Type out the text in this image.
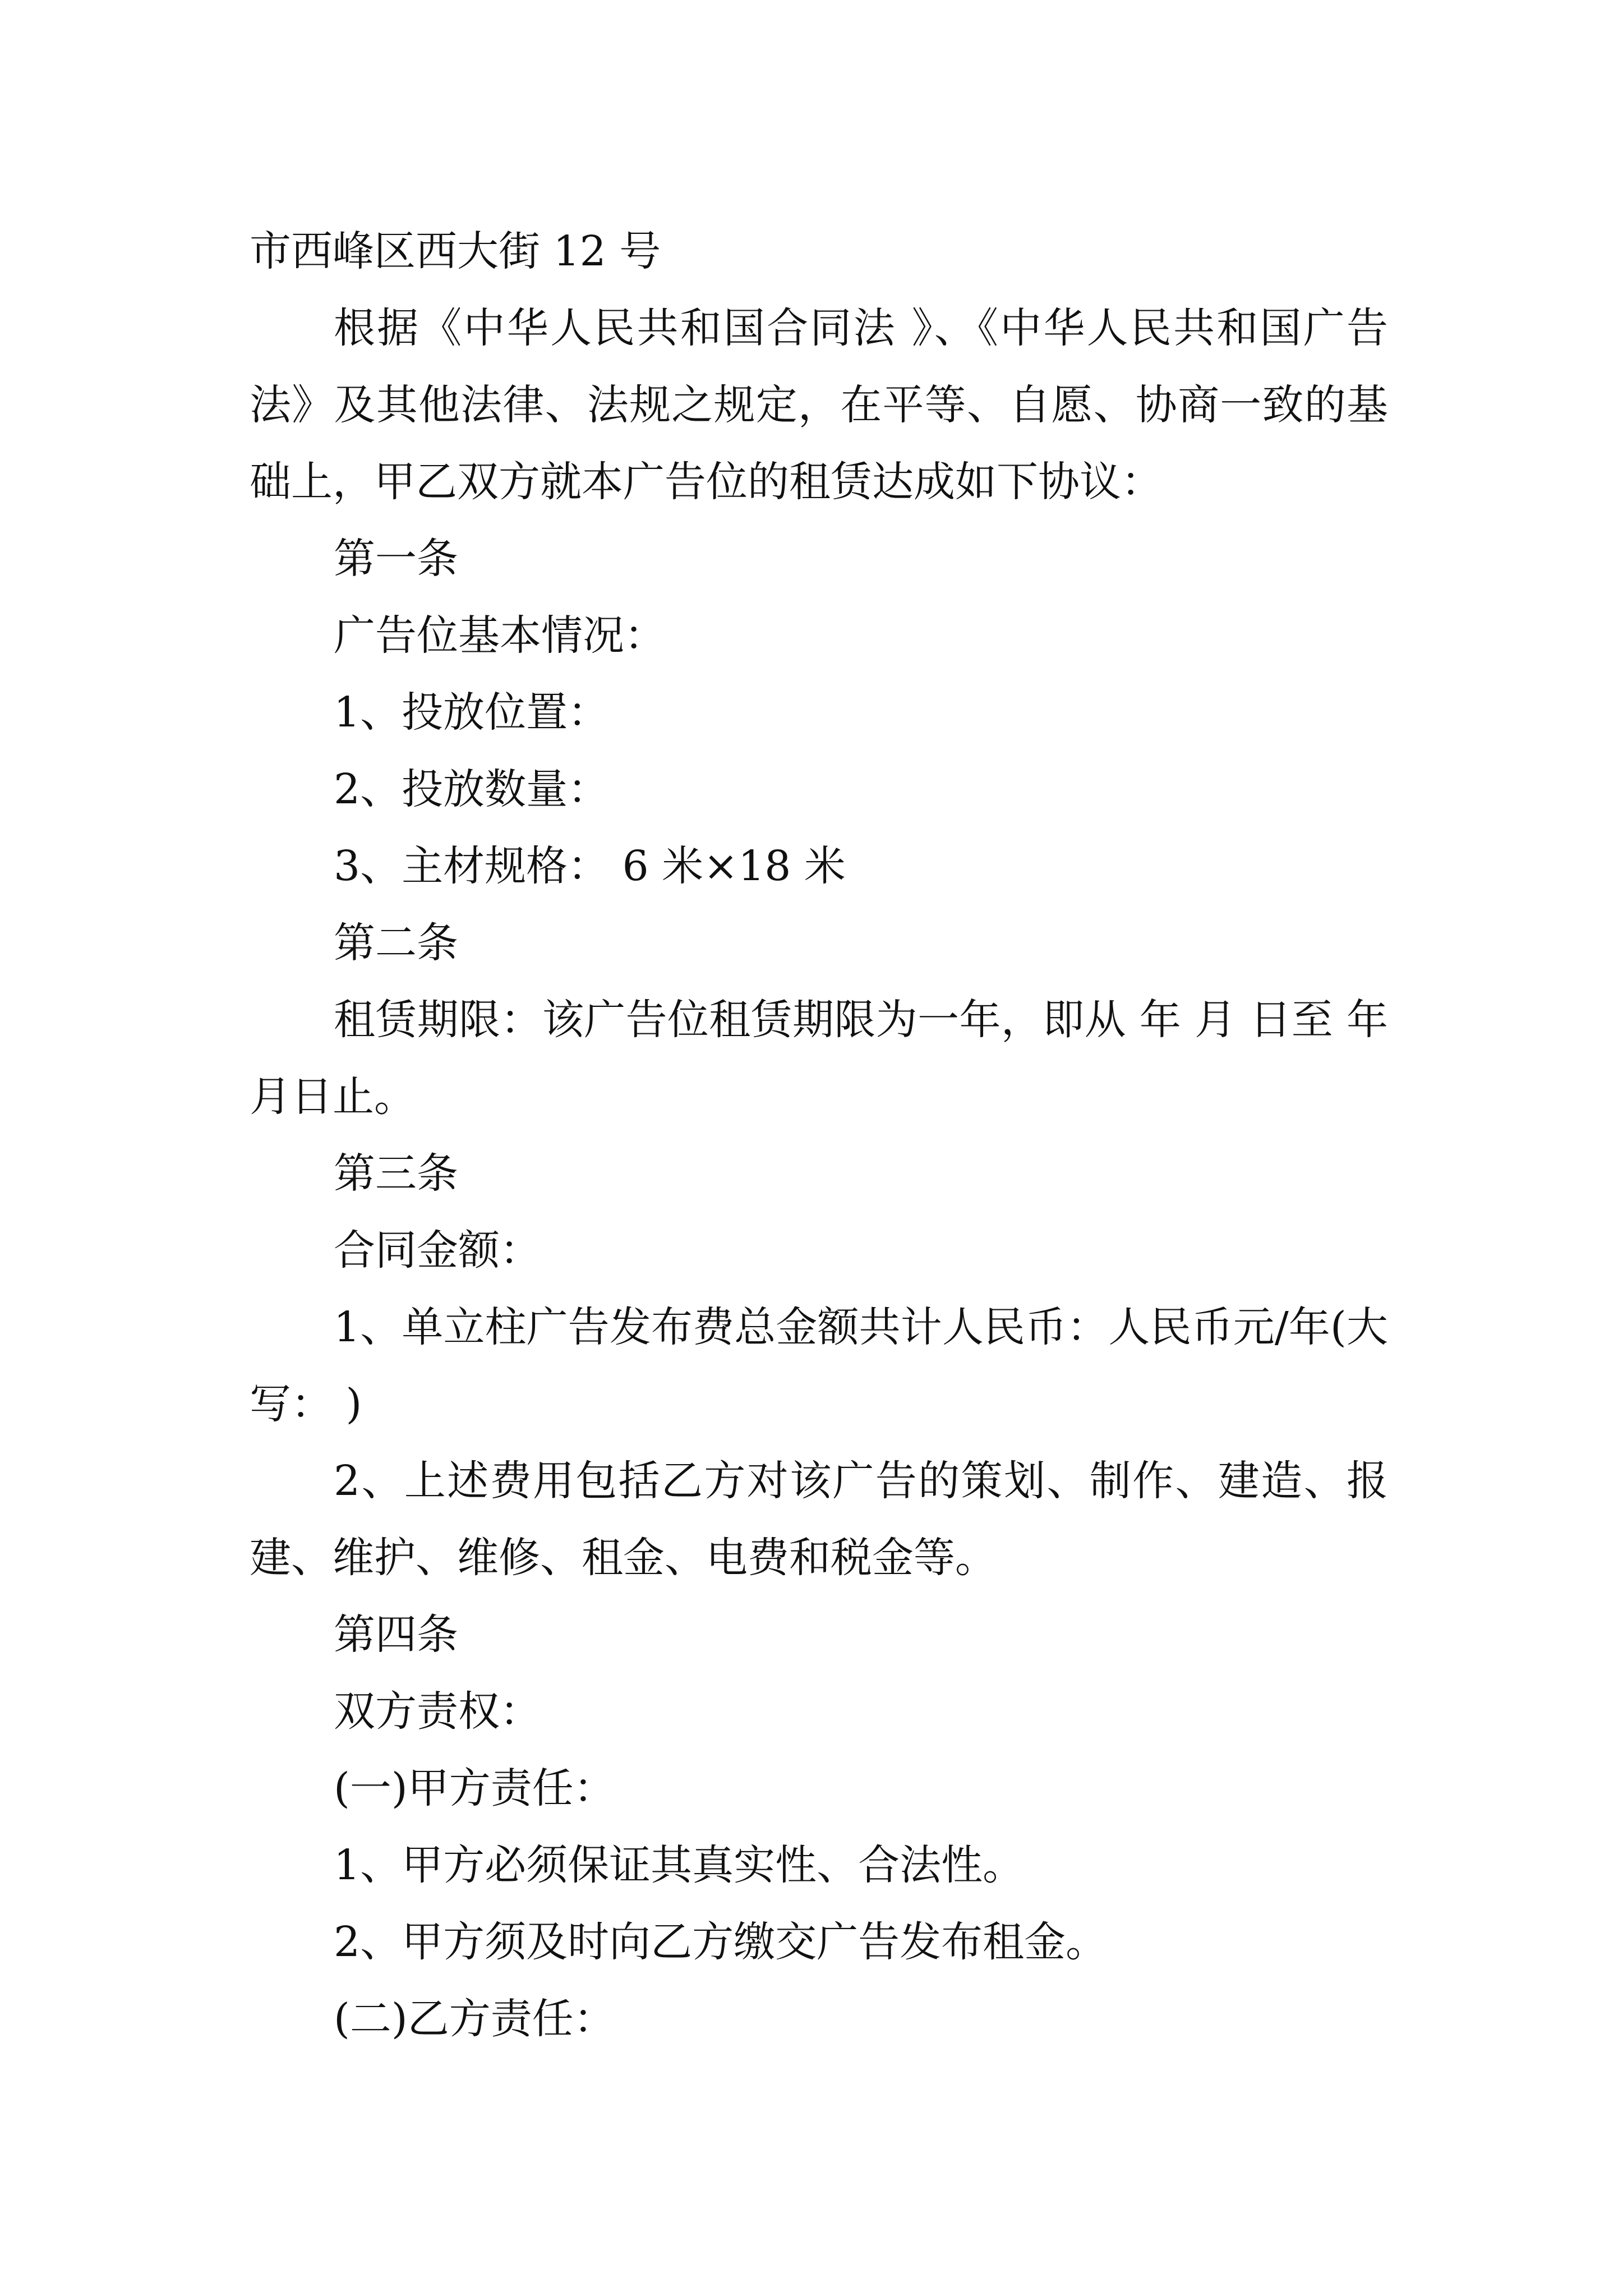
市西峰区西大街 12 号

根据《中华人民共和国合同法 》、《中华人民共和国广告法》及其他法律、法规之规定，在平等、自愿、协商一致的基础上，甲乙双方就本广告位的租赁达成如下协议：

第一条

广告位基本情况：

1、投放位置：

2、投放数量：

3、主材规格： 6 米×18 米

第二条

租赁期限：该广告位租赁期限为一年，即从 年 月 日至 年 月日止。

第三条

合同金额：

1、单立柱广告发布费总金额共计人民币：人民币元/年(大写： )

2、上述费用包括乙方对该广告的策划、制作、建造、报建、维护、维修、租金、电费和税金等。

第四条

双方责权：

(一)甲方责任：

1、甲方必须保证其真实性、合法性。

2、甲方须及时向乙方缴交广告发布租金。

(二)乙方责任：
